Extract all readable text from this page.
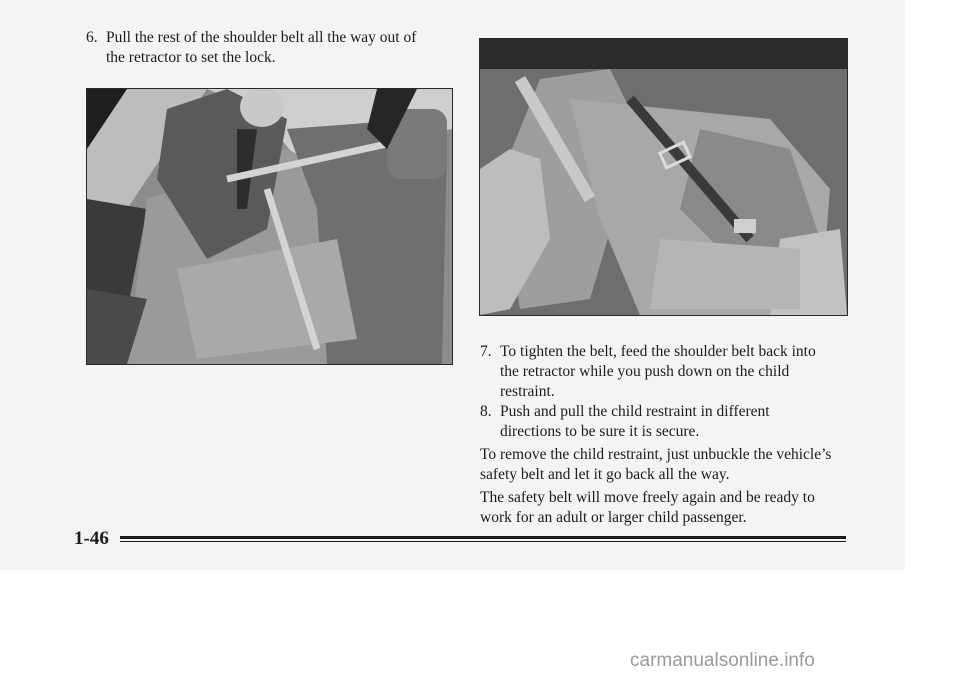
6. Pull the rest of the shoulder belt all the way out of
the retractor to set the lock.
7. To tighten the belt, feed the shoulder belt back into
the retractor while you push down on the child
restraint.
8. Push and pull the child restraint in different
directions to be sure it is secure.
To remove the child restraint, just unbuckle the vehicle’s
safety belt and let it go back all the way.
The safety belt will move freely again and be ready to
work for an adult or larger child passenger.
1-46
carmanualsonline.info
